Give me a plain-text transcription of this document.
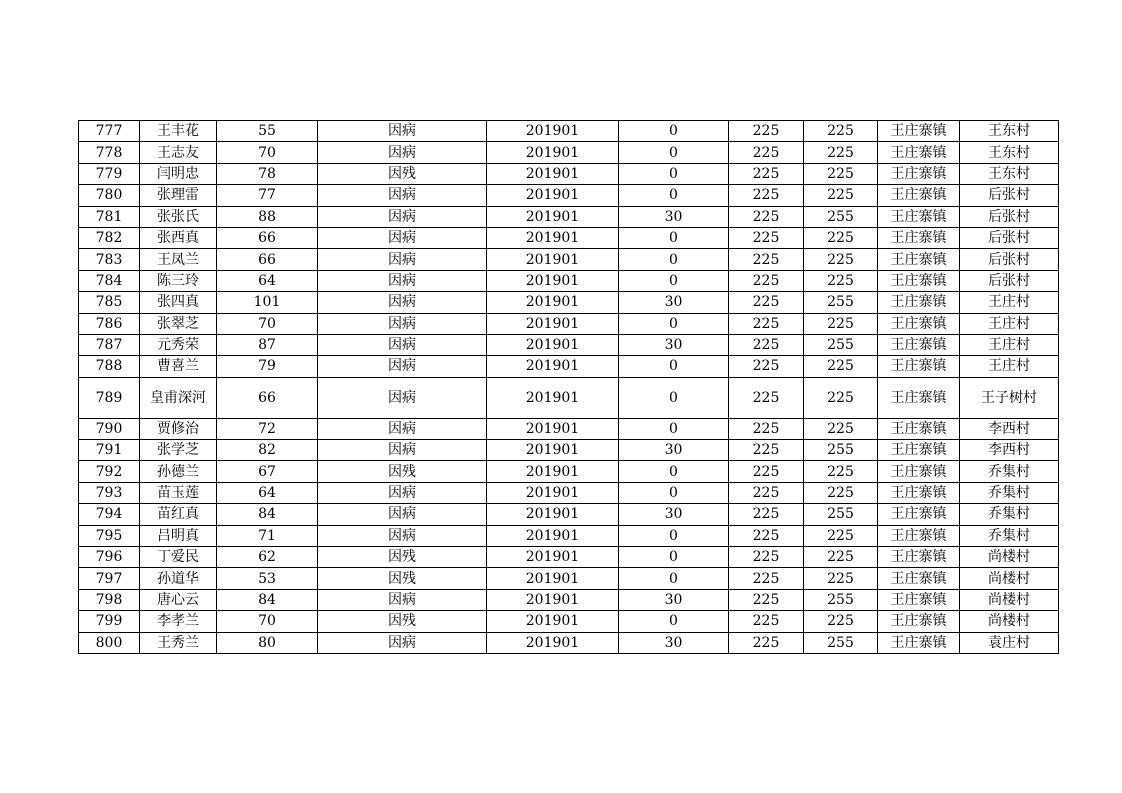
777	王丰花	55	因病	201901	0	225	225	王庄寨镇	王东村
778	王志友	70	因病	201901	0	225	225	王庄寨镇	王东村
779	闫明忠	78	因残	201901	0	225	225	王庄寨镇	王东村
780	张理雷	77	因病	201901	0	225	225	王庄寨镇	后张村
781	张张氏	88	因病	201901	30	225	255	王庄寨镇	后张村
782	张西真	66	因病	201901	0	225	225	王庄寨镇	后张村
783	王凤兰	66	因病	201901	0	225	225	王庄寨镇	后张村
784	陈三玲	64	因病	201901	0	225	225	王庄寨镇	后张村
785	张四真	101	因病	201901	30	225	255	王庄寨镇	王庄村
786	张翠芝	70	因病	201901	0	225	225	王庄寨镇	王庄村
787	元秀荣	87	因病	201901	30	225	255	王庄寨镇	王庄村
788	曹喜兰	79	因病	201901	0	225	225	王庄寨镇	王庄村
789	皇甫深河	66	因病	201901	0	225	225	王庄寨镇	王子树村
790	贾修治	72	因病	201901	0	225	225	王庄寨镇	李西村
791	张学芝	82	因病	201901	30	225	255	王庄寨镇	李西村
792	孙德兰	67	因残	201901	0	225	225	王庄寨镇	乔集村
793	苗玉莲	64	因病	201901	0	225	225	王庄寨镇	乔集村
794	苗红真	84	因病	201901	30	225	255	王庄寨镇	乔集村
795	吕明真	71	因病	201901	0	225	225	王庄寨镇	乔集村
796	丁爱民	62	因残	201901	0	225	225	王庄寨镇	尚楼村
797	孙道华	53	因残	201901	0	225	225	王庄寨镇	尚楼村
798	唐心云	84	因病	201901	30	225	255	王庄寨镇	尚楼村
799	李孝兰	70	因残	201901	0	225	225	王庄寨镇	尚楼村
800	王秀兰	80	因病	201901	30	225	255	王庄寨镇	袁庄村
